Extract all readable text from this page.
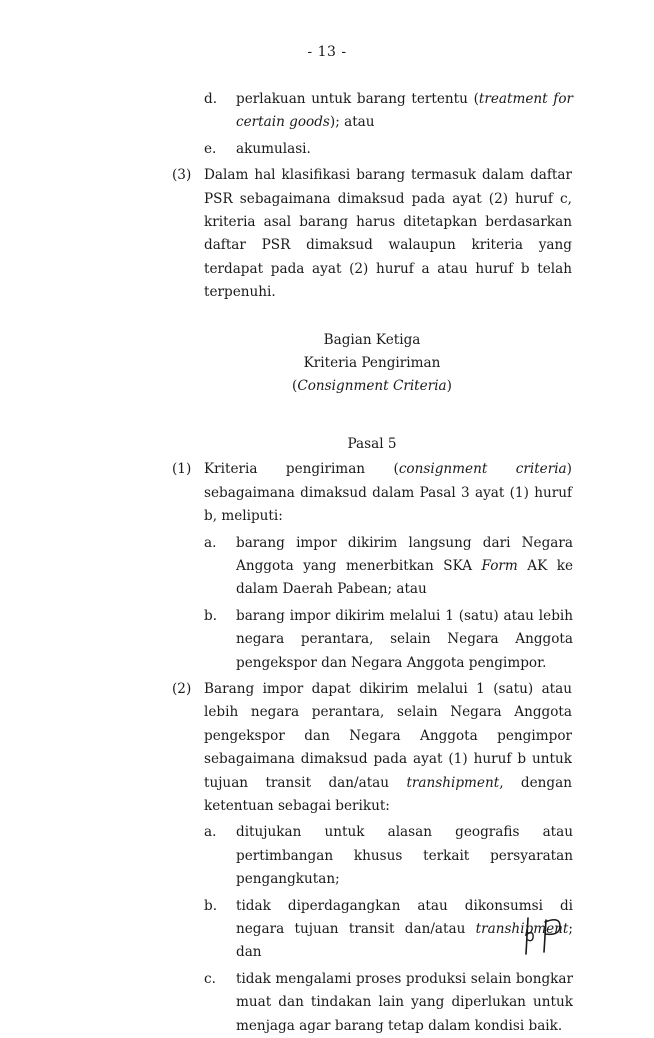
- 13 -
d. perlakuan untuk barang tertentu (treatment for certain goods); atau
e. akumulasi.
(3) Dalam hal klasifikasi barang termasuk dalam daftar PSR sebagaimana dimaksud pada ayat (2) huruf c, kriteria asal barang harus ditetapkan berdasarkan daftar PSR dimaksud walaupun kriteria yang terdapat pada ayat (2) huruf a atau huruf b telah terpenuhi.
Bagian Ketiga
Kriteria Pengiriman
(Consignment Criteria)
Pasal 5
(1) Kriteria pengiriman (consignment criteria) sebagaimana dimaksud dalam Pasal 3 ayat (1) huruf b, meliputi:
a. barang impor dikirim langsung dari Negara Anggota yang menerbitkan SKA Form AK ke dalam Daerah Pabean; atau
b. barang impor dikirim melalui 1 (satu) atau lebih negara perantara, selain Negara Anggota pengekspor dan Negara Anggota pengimpor.
(2) Barang impor dapat dikirim melalui 1 (satu) atau lebih negara perantara, selain Negara Anggota pengekspor dan Negara Anggota pengimpor sebagaimana dimaksud pada ayat (1) huruf b untuk tujuan transit dan/atau transhipment, dengan ketentuan sebagai berikut:
a. ditujukan untuk alasan geografis atau pertimbangan khusus terkait persyaratan pengangkutan;
b. tidak diperdagangkan atau dikonsumsi di negara tujuan transit dan/atau transhipment; dan
c. tidak mengalami proses produksi selain bongkar muat dan tindakan lain yang diperlukan untuk menjaga agar barang tetap dalam kondisi baik.
